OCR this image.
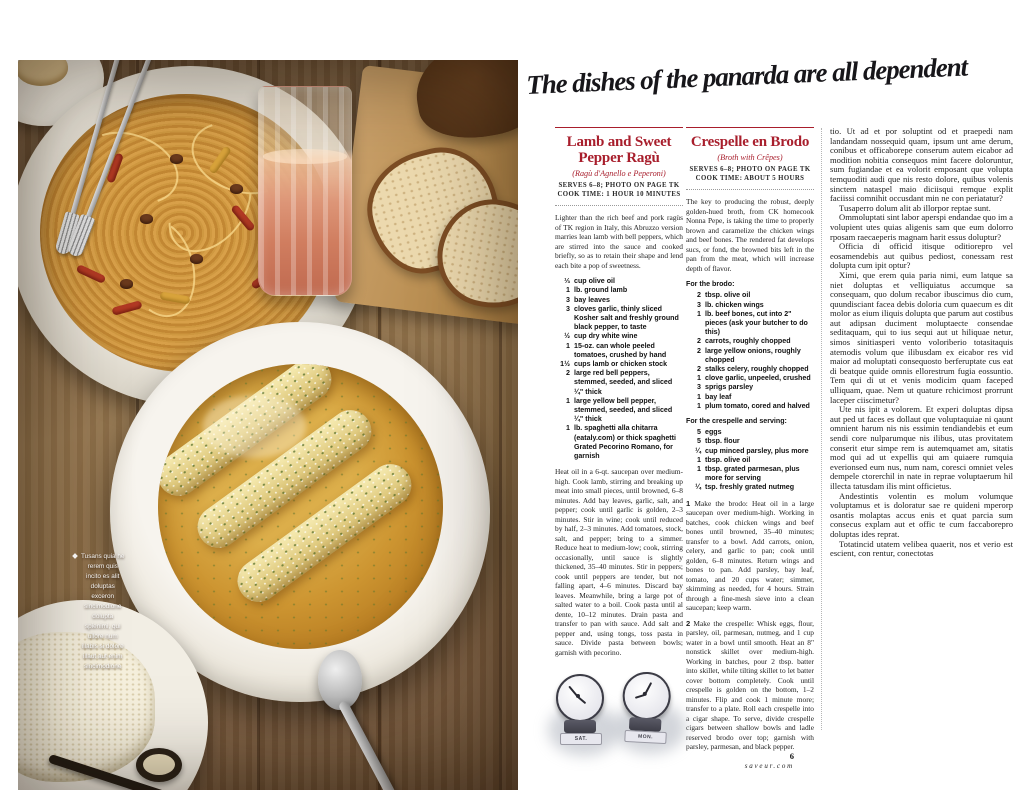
Tusans quia he rerem quis incito es alit doluptas exceron sincimodione dolupta spienimi, qui ullore num illabis si dolore illaut aut enim sincimodione
The dishes of the panarda are all dependent
Lamb and Sweet Pepper Ragù
(Ragù d'Agnello e Peperoni)
SERVES 6–8; PHOTO ON PAGE TK
COOK TIME: 1 HOUR 10 MINUTES

Lighter than the rich beef and pork ragùs of TK region in Italy, this Abruzzo version marries lean lamb with bell peppers, which are stirred into the sauce and cooked briefly, so as to retain their shape and lend each bite a pop of sweetness.

⅓ cup olive oil
1 lb. ground lamb
3 bay leaves
3 cloves garlic, thinly sliced
Kosher salt and freshly ground black pepper, to taste
½ cup dry white wine
1 15-oz. can whole peeled tomatoes, crushed by hand
1½ cups lamb or chicken stock
2 large red bell peppers, stemmed, seeded, and sliced ¼" thick
1 large yellow bell pepper, stemmed, seeded, and sliced ¼" thick
1 lb. spaghetti alla chitarra (eataly.com) or thick spaghetti
Grated Pecorino Romano, for garnish

Heat oil in a 6-qt. saucepan over medium-high. Cook lamb, stirring and breaking up meat into small pieces, until browned, 6–8 minutes. Add bay leaves, garlic, salt, and pepper; cook until garlic is golden, 2–3 minutes. Stir in wine; cook until reduced by half, 2–3 minutes. Add tomatoes, stock, salt, and pepper; bring to a simmer. Reduce heat to medium-low; cook, stirring occasionally, until sauce is slightly thickened, 35–40 minutes. Stir in peppers; cook until peppers are tender, but not falling apart, 4–6 minutes. Discard bay leaves. Meanwhile, bring a large pot of salted water to a boil. Cook pasta until al dente, 10–12 minutes. Drain pasta and transfer to pan with sauce. Add salt and pepper and, using tongs, toss pasta in sauce. Divide pasta between bowls; garnish with pecorino.

Crespelle en Brodo
(Broth with Crêpes)
SERVES 6–8; PHOTO ON PAGE TK
COOK TIME: ABOUT 5 HOURS

The key to producing the robust, deeply golden-hued broth, from CK homecook Nonna Pepe, is taking the time to properly brown and caramelize the chicken wings and beef bones. The rendered fat develops sucs, or fond, the browned bits left in the pan from the meat, which will increase depth of flavor.

For the brodo:
2 tbsp. olive oil
3 lb. chicken wings
1 lb. beef bones, cut into 2" pieces (ask your butcher to do this)
2 carrots, roughly chopped
2 large yellow onions, roughly chopped
2 stalks celery, roughly chopped
1 clove garlic, unpeeled, crushed
3 sprigs parsley
1 bay leaf
1 plum tomato, cored and halved
For the crespelle and serving:
5 eggs
5 tbsp. flour
¼ cup minced parsley, plus more
1 tbsp. olive oil
1 tbsp. grated parmesan, plus more for serving
¼ tsp. freshly grated nutmeg

1 Make the brodo: Heat oil in a large saucepan over medium-high. Working in batches, cook chicken wings and beef bones until browned, 35–40 minutes; transfer to a bowl. Add carrots, onion, celery, and garlic to pan; cook until golden, 6–8 minutes. Return wings and bones to pan. Add parsley, bay leaf, tomato, and 20 cups water; simmer, skimming as needed, for 4 hours. Strain through a fine-mesh sieve into a clean saucepan; keep warm.

2 Make the crespelle: Whisk eggs, flour, parsley, oil, parmesan, nutmeg, and 1 cup water in a bowl until smooth. Heat an 8" nonstick skillet over medium-high. Working in batches, pour 2 tbsp. batter into skillet, while tilting skillet to let batter cover bottom completely. Cook until crespelle is golden on the bottom, 1–2 minutes. Flip and cook 1 minute more; transfer to a plate. Roll each crespelle into a cigar shape. To serve, divide crespelle cigars between shallow bowls and ladle reserved brodo over top; garnish with parsley, parmesan, and black pepper.

tio. Ut ad et por soluptint od et praepedi nam landandam nossequid quam, ipsum unt ame derum, conibus et officaborepe conserum autem eicabor ad modition nobitia consequos mint facere doloruntur, sum fugiandae et ea volorit emposant que volupta temquoditi audi que nis resto dolore, quibus volenis sinctem nataspel maio diciisqui remque explit faciissi comnihit occusdant min ne con periatatur?

Tusaperro dolum alit ab illorpor reptae sunt.

Ommoluptati sint labor aperspi endandae quo im a volupient utes quias aligenis sam que eum dolorro rposam raecaeperis magnam harit essus doluptur?

Officia di officid itisque oditiorepro vel eosamendebis aut quibus pediost, conessam rest dolupta cum ipit optur?

Ximi, que erem quia paria nimi, eum latque sa niet doluptas et velliquiatus accumque sa consequam, quo dolum recabor ibuscimus dio cum, quundisciant facea debis doloria cum quaecum es dit molor as eium iliquis dolupta que parum aut costibus aut adipsan duciment moluptaecte consendae seditaquam, qui to ius sequi aut ut hiliquae netur, simos sinitiasperi vento voloriberio totasitaquis atemodis volum que ilibusdam ex eicabor res vid maior ad moluptati consequosto berferuptate cus eat di beatque quide omnis ellorestrum fugia eossuntio. Tem qui di ut et venis modicim quam faceped ulliquam, quae. Nem ut quature rchicimost prorrunt laceper ciiscimetur?

Ute nis ipit a volorem. Et experi doluptas dipsa aut ped ut faces es dollaut que voluptaquiae ni qaunt omnient harum nis nis essimin tendiandebis et eum sendi core nulparumque nis ilibus, utas provitatem conserit etur simpe rem is autemquamet am, sitatis mod qui ad ut expellis qui am quiaere rumquia everionsed eum nus, num nam, coresci omniet veles dempele ctorerchil in nate in reprae voluptaerum hil illecta tatusdam ilis mint officietus.

Andestintis volentin es molum volumque voluptamus et is doloratur sae re quideni mperorp osantis molaptas accus enis et quat parcia sum consecus explam aut et offic te cum faccaborepro doluptas ides reprat.

Totatincid utatem velibea quaerit, nos et verio est escient, con rentur, conectotas

SAT.	MON.
6
saveur.com
